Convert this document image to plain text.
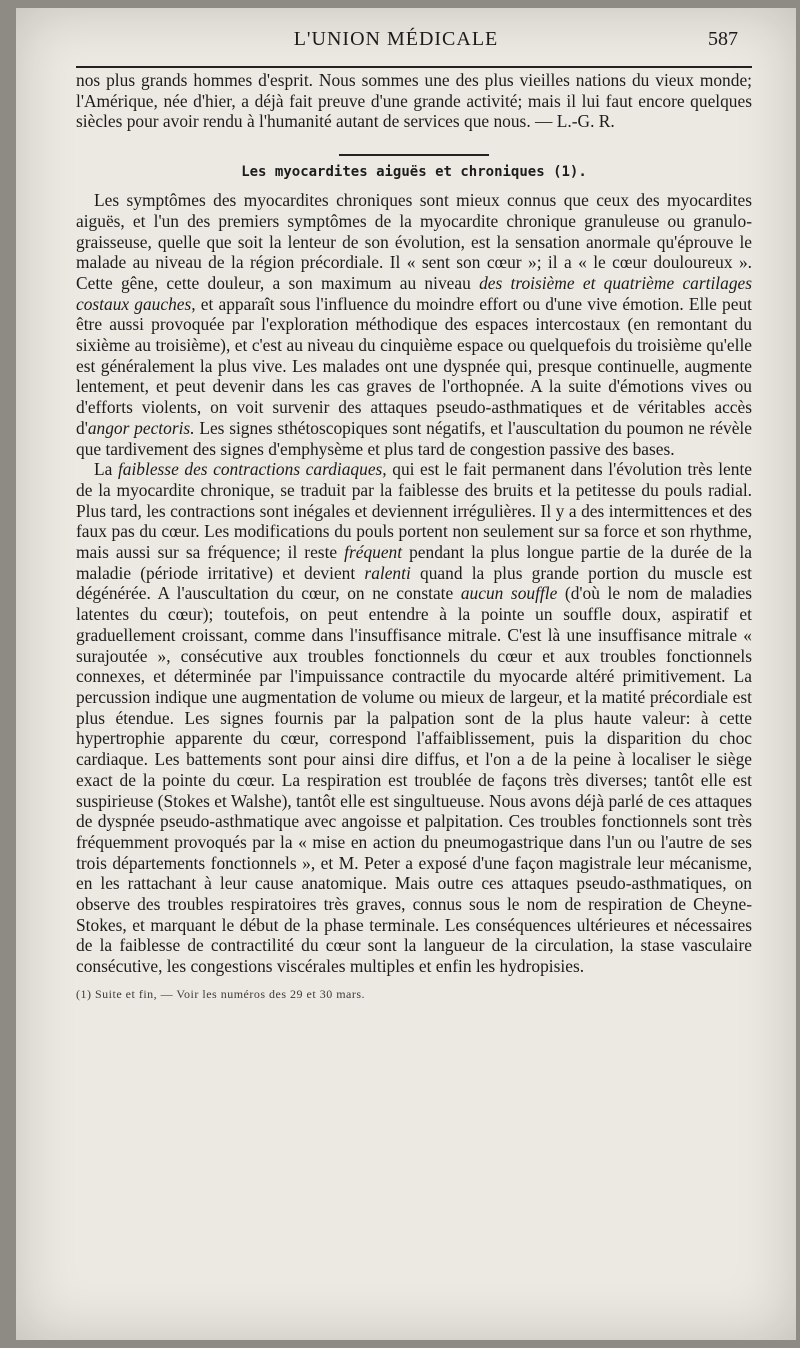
L'UNION MÉDICALE	587

nos plus grands hommes d'esprit. Nous sommes une des plus vieilles nations du vieux monde; l'Amérique, née d'hier, a déjà fait preuve d'une grande activité; mais il lui faut encore quelques siècles pour avoir rendu à l'humanité autant de services que nous. — L.-G. R.

Les myocardites aiguës et chroniques (1).

Les symptômes des myocardites chroniques sont mieux connus que ceux des myocardites aiguës, et l'un des premiers symptômes de la myocardite chronique granuleuse ou granulo-graisseuse, quelle que soit la lenteur de son évolution, est la sensation anormale qu'éprouve le malade au niveau de la région précordiale. Il « sent son cœur »; il a « le cœur douloureux ». Cette gêne, cette douleur, a son maximum au niveau des troisième et quatrième cartilages costaux gauches, et apparaît sous l'influence du moindre effort ou d'une vive émotion. Elle peut être aussi provoquée par l'exploration méthodique des espaces intercostaux (en remontant du sixième au troisième), et c'est au niveau du cinquième espace ou quelquefois du troisième qu'elle est généralement la plus vive. Les malades ont une dyspnée qui, presque continuelle, augmente lentement, et peut devenir dans les cas graves de l'orthopnée. A la suite d'émotions vives ou d'efforts violents, on voit survenir des attaques pseudo-asthmatiques et de véritables accès d'angor pectoris. Les signes sthétoscopiques sont négatifs, et l'auscultation du poumon ne révèle que tardivement des signes d'emphysème et plus tard de congestion passive des bases.

La faiblesse des contractions cardiaques, qui est le fait permanent dans l'évolution très lente de la myocardite chronique, se traduit par la faiblesse des bruits et la petitesse du pouls radial. Plus tard, les contractions sont inégales et deviennent irrégulières. Il y a des intermittences et des faux pas du cœur. Les modifications du pouls portent non seulement sur sa force et son rhythme, mais aussi sur sa fréquence; il reste fréquent pendant la plus longue partie de la durée de la maladie (période irritative) et devient ralenti quand la plus grande portion du muscle est dégénérée. A l'auscultation du cœur, on ne constate aucun souffle (d'où le nom de maladies latentes du cœur); toutefois, on peut entendre à la pointe un souffle doux, aspiratif et graduellement croissant, comme dans l'insuffisance mitrale. C'est là une insuffisance mitrale « surajoutée », consécutive aux troubles fonctionnels du cœur et aux troubles fonctionnels connexes, et déterminée par l'impuissance contractile du myocarde altéré primitivement. La percussion indique une augmentation de volume ou mieux de largeur, et la matité précordiale est plus étendue. Les signes fournis par la palpation sont de la plus haute valeur: à cette hypertrophie apparente du cœur, correspond l'affaiblissement, puis la disparition du choc cardiaque. Les battements sont pour ainsi dire diffus, et l'on a de la peine à localiser le siège exact de la pointe du cœur. La respiration est troublée de façons très diverses; tantôt elle est suspirieuse (Stokes et Walshe), tantôt elle est singultueuse. Nous avons déjà parlé de ces attaques de dyspnée pseudo-asthmatique avec angoisse et palpitation. Ces troubles fonctionnels sont très fréquemment provoqués par la « mise en action du pneumogastrique dans l'un ou l'autre de ses trois départements fonctionnels », et M. Peter a exposé d'une façon magistrale leur mécanisme, en les rattachant à leur cause anatomique. Mais outre ces attaques pseudo-asthmatiques, on observe des troubles respiratoires très graves, connus sous le nom de respiration de Cheyne-Stokes, et marquant le début de la phase terminale. Les conséquences ultérieures et nécessaires de la faiblesse de contractilité du cœur sont la langueur de la circulation, la stase vasculaire consécutive, les congestions viscérales multiples et enfin les hydropisies.

(1) Suite et fin, — Voir les numéros des 29 et 30 mars.
